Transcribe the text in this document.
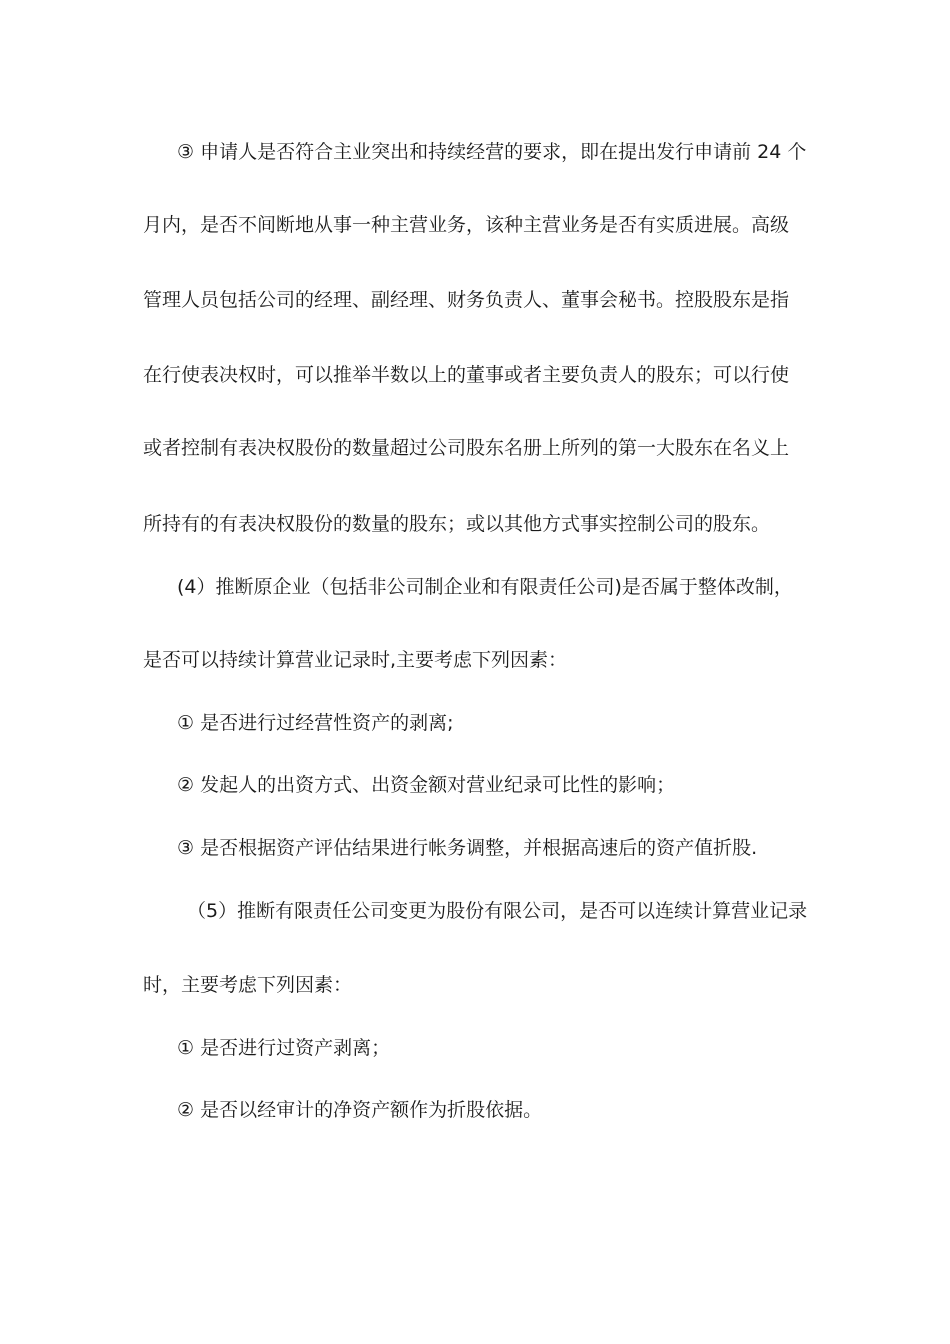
③ 申请人是否符合主业突出和持续经营的要求，即在提出发行申请前 24 个
月内，是否不间断地从事一种主营业务，该种主营业务是否有实质进展。高级
管理人员包括公司的经理、副经理、财务负责人、董事会秘书。控股股东是指
在行使表决权时，可以推举半数以上的董事或者主要负责人的股东；可以行使
或者控制有表决权股份的数量超过公司股东名册上所列的第一大股东在名义上
所持有的有表决权股份的数量的股东；或以其他方式事实控制公司的股东。
(4）推断原企业（包括非公司制企业和有限责任公司)是否属于整体改制，
是否可以持续计算营业记录时,主要考虑下列因素：
① 是否进行过经营性资产的剥离;
② 发起人的出资方式、出资金额对营业纪录可比性的影响；
③ 是否根据资产评估结果进行帐务调整，并根据高速后的资产值折股.
（5）推断有限责任公司变更为股份有限公司，是否可以连续计算营业记录
时，主要考虑下列因素：
① 是否进行过资产剥离；
② 是否以经审计的净资产额作为折股依据。
